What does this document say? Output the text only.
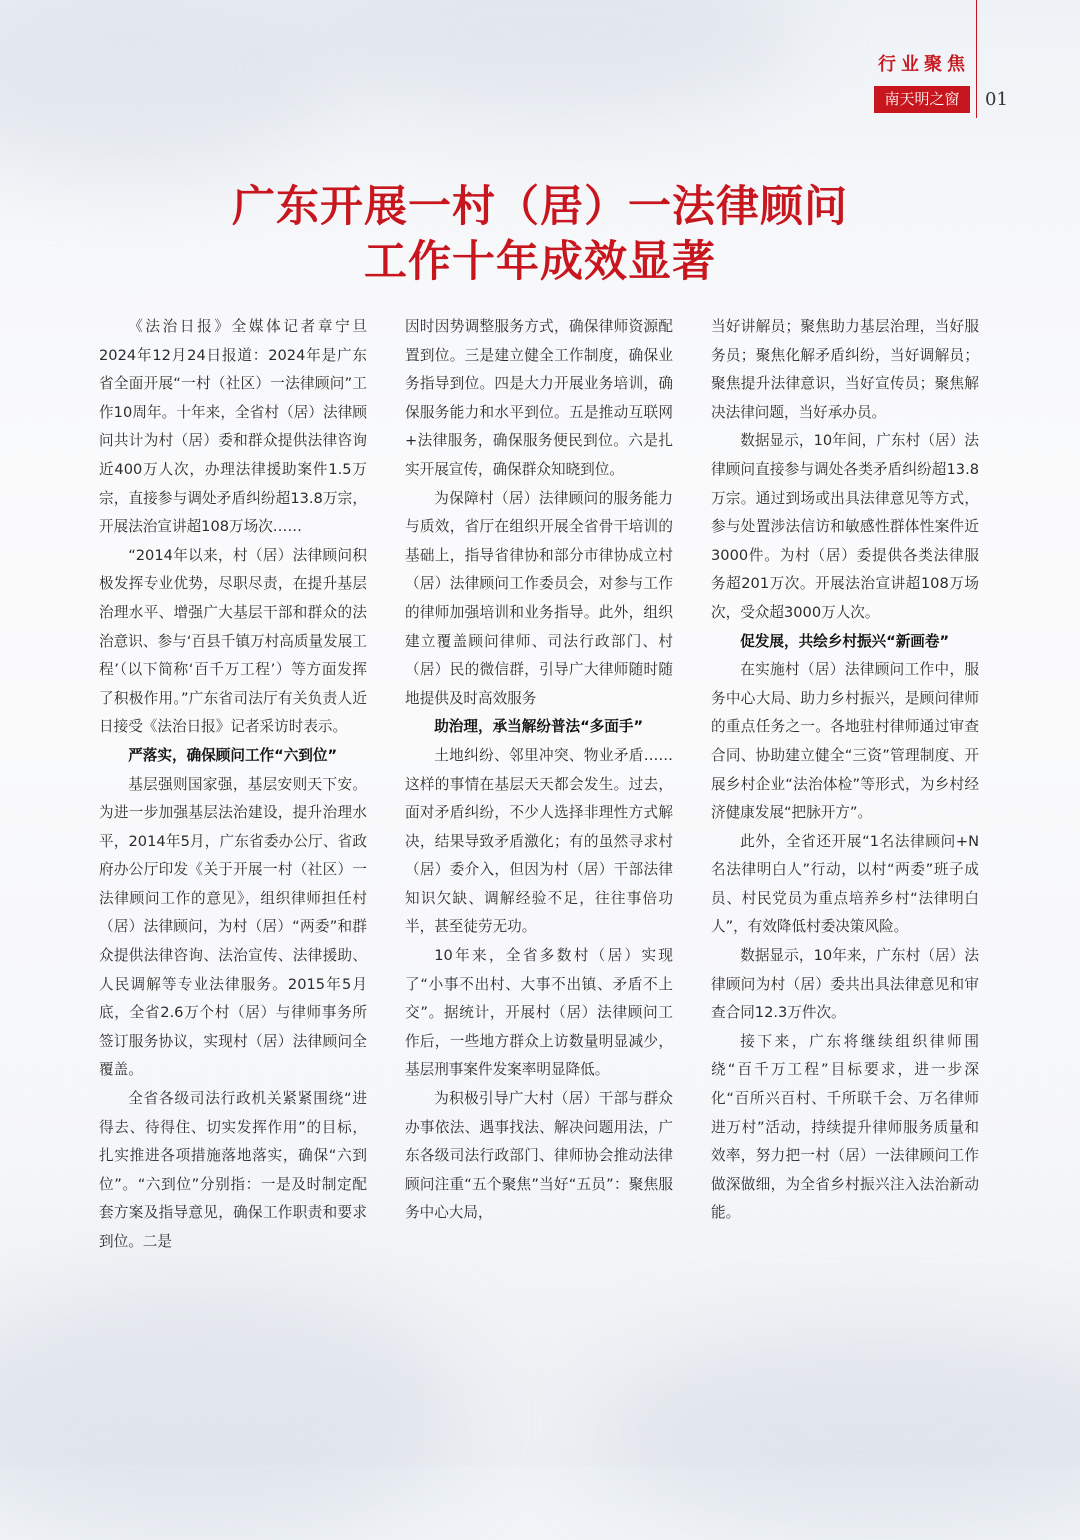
行业聚焦
南天明之窗	01
广东开展一村（居）一法律顾问
工作十年成效显著

《法治日报》全媒体记者章宁旦2024年12月24日报道：2024年是广东省全面开展“一村（社区）一法律顾问”工作10周年。十年来，全省村（居）法律顾问共计为村（居）委和群众提供法律咨询近400万人次，办理法律援助案件1.5万宗，直接参与调处矛盾纠纷超13.8万宗，开展法治宣讲超108万场次……

“2014年以来，村（居）法律顾问积极发挥专业优势，尽职尽责，在提升基层治理水平、增强广大基层干部和群众的法治意识、参与‘百县千镇万村高质量发展工程’（以下简称‘百千万工程’）等方面发挥了积极作用。”广东省司法厅有关负责人近日接受《法治日报》记者采访时表示。

严落实，确保顾问工作“六到位”

基层强则国家强，基层安则天下安。为进一步加强基层法治建设，提升治理水平，2014年5月，广东省委办公厅、省政府办公厅印发《关于开展一村（社区）一法律顾问工作的意见》，组织律师担任村（居）法律顾问，为村（居）“两委”和群众提供法律咨询、法治宣传、法律援助、人民调解等专业法律服务。2015年5月底，全省2.6万个村（居）与律师事务所签订服务协议，实现村（居）法律顾问全覆盖。

全省各级司法行政机关紧紧围绕“进得去、待得住、切实发挥作用”的目标，扎实推进各项措施落地落实，确保“六到位”。“六到位”分别指：一是及时制定配套方案及指导意见，确保工作职责和要求到位。二是

因时因势调整服务方式，确保律师资源配置到位。三是建立健全工作制度，确保业务指导到位。四是大力开展业务培训，确保服务能力和水平到位。五是推动互联网+法律服务，确保服务便民到位。六是扎实开展宣传，确保群众知晓到位。

为保障村（居）法律顾问的服务能力与质效，省厅在组织开展全省骨干培训的基础上，指导省律协和部分市律协成立村（居）法律顾问工作委员会，对参与工作的律师加强培训和业务指导。此外，组织建立覆盖顾问律师、司法行政部门、村（居）民的微信群，引导广大律师随时随地提供及时高效服务

助治理，承当解纷普法“多面手”

土地纠纷、邻里冲突、物业矛盾……这样的事情在基层天天都会发生。过去，面对矛盾纠纷，不少人选择非理性方式解决，结果导致矛盾激化；有的虽然寻求村（居）委介入，但因为村（居）干部法律知识欠缺、调解经验不足，往往事倍功半，甚至徒劳无功。

10年来，全省多数村（居）实现了“小事不出村、大事不出镇、矛盾不上交”。据统计，开展村（居）法律顾问工作后，一些地方群众上访数量明显减少，基层刑事案件发案率明显降低。

为积极引导广大村（居）干部与群众办事依法、遇事找法、解决问题用法，广东各级司法行政部门、律师协会推动法律顾问注重“五个聚焦”当好“五员”：聚焦服务中心大局，

当好讲解员；聚焦助力基层治理，当好服务员；聚焦化解矛盾纠纷，当好调解员；聚焦提升法律意识，当好宣传员；聚焦解决法律问题，当好承办员。

数据显示，10年间，广东村（居）法律顾问直接参与调处各类矛盾纠纷超13.8万宗。通过到场或出具法律意见等方式，参与处置涉法信访和敏感性群体性案件近3000件。为村（居）委提供各类法律服务超201万次。开展法治宣讲超108万场次，受众超3000万人次。

促发展，共绘乡村振兴“新画卷”

在实施村（居）法律顾问工作中，服务中心大局、助力乡村振兴，是顾问律师的重点任务之一。各地驻村律师通过审查合同、协助建立健全“三资”管理制度、开展乡村企业“法治体检”等形式，为乡村经济健康发展“把脉开方”。

此外，全省还开展“1名法律顾问+N名法律明白人”行动，以村“两委”班子成员、村民党员为重点培养乡村“法律明白人”，有效降低村委决策风险。

数据显示，10年来，广东村（居）法律顾问为村（居）委共出具法律意见和审查合同12.3万件次。

接下来，广东将继续组织律师围绕“百千万工程”目标要求，进一步深化“百所兴百村、千所联千会、万名律师进万村”活动，持续提升律师服务质量和效率，努力把一村（居）一法律顾问工作做深做细，为全省乡村振兴注入法治新动能。
